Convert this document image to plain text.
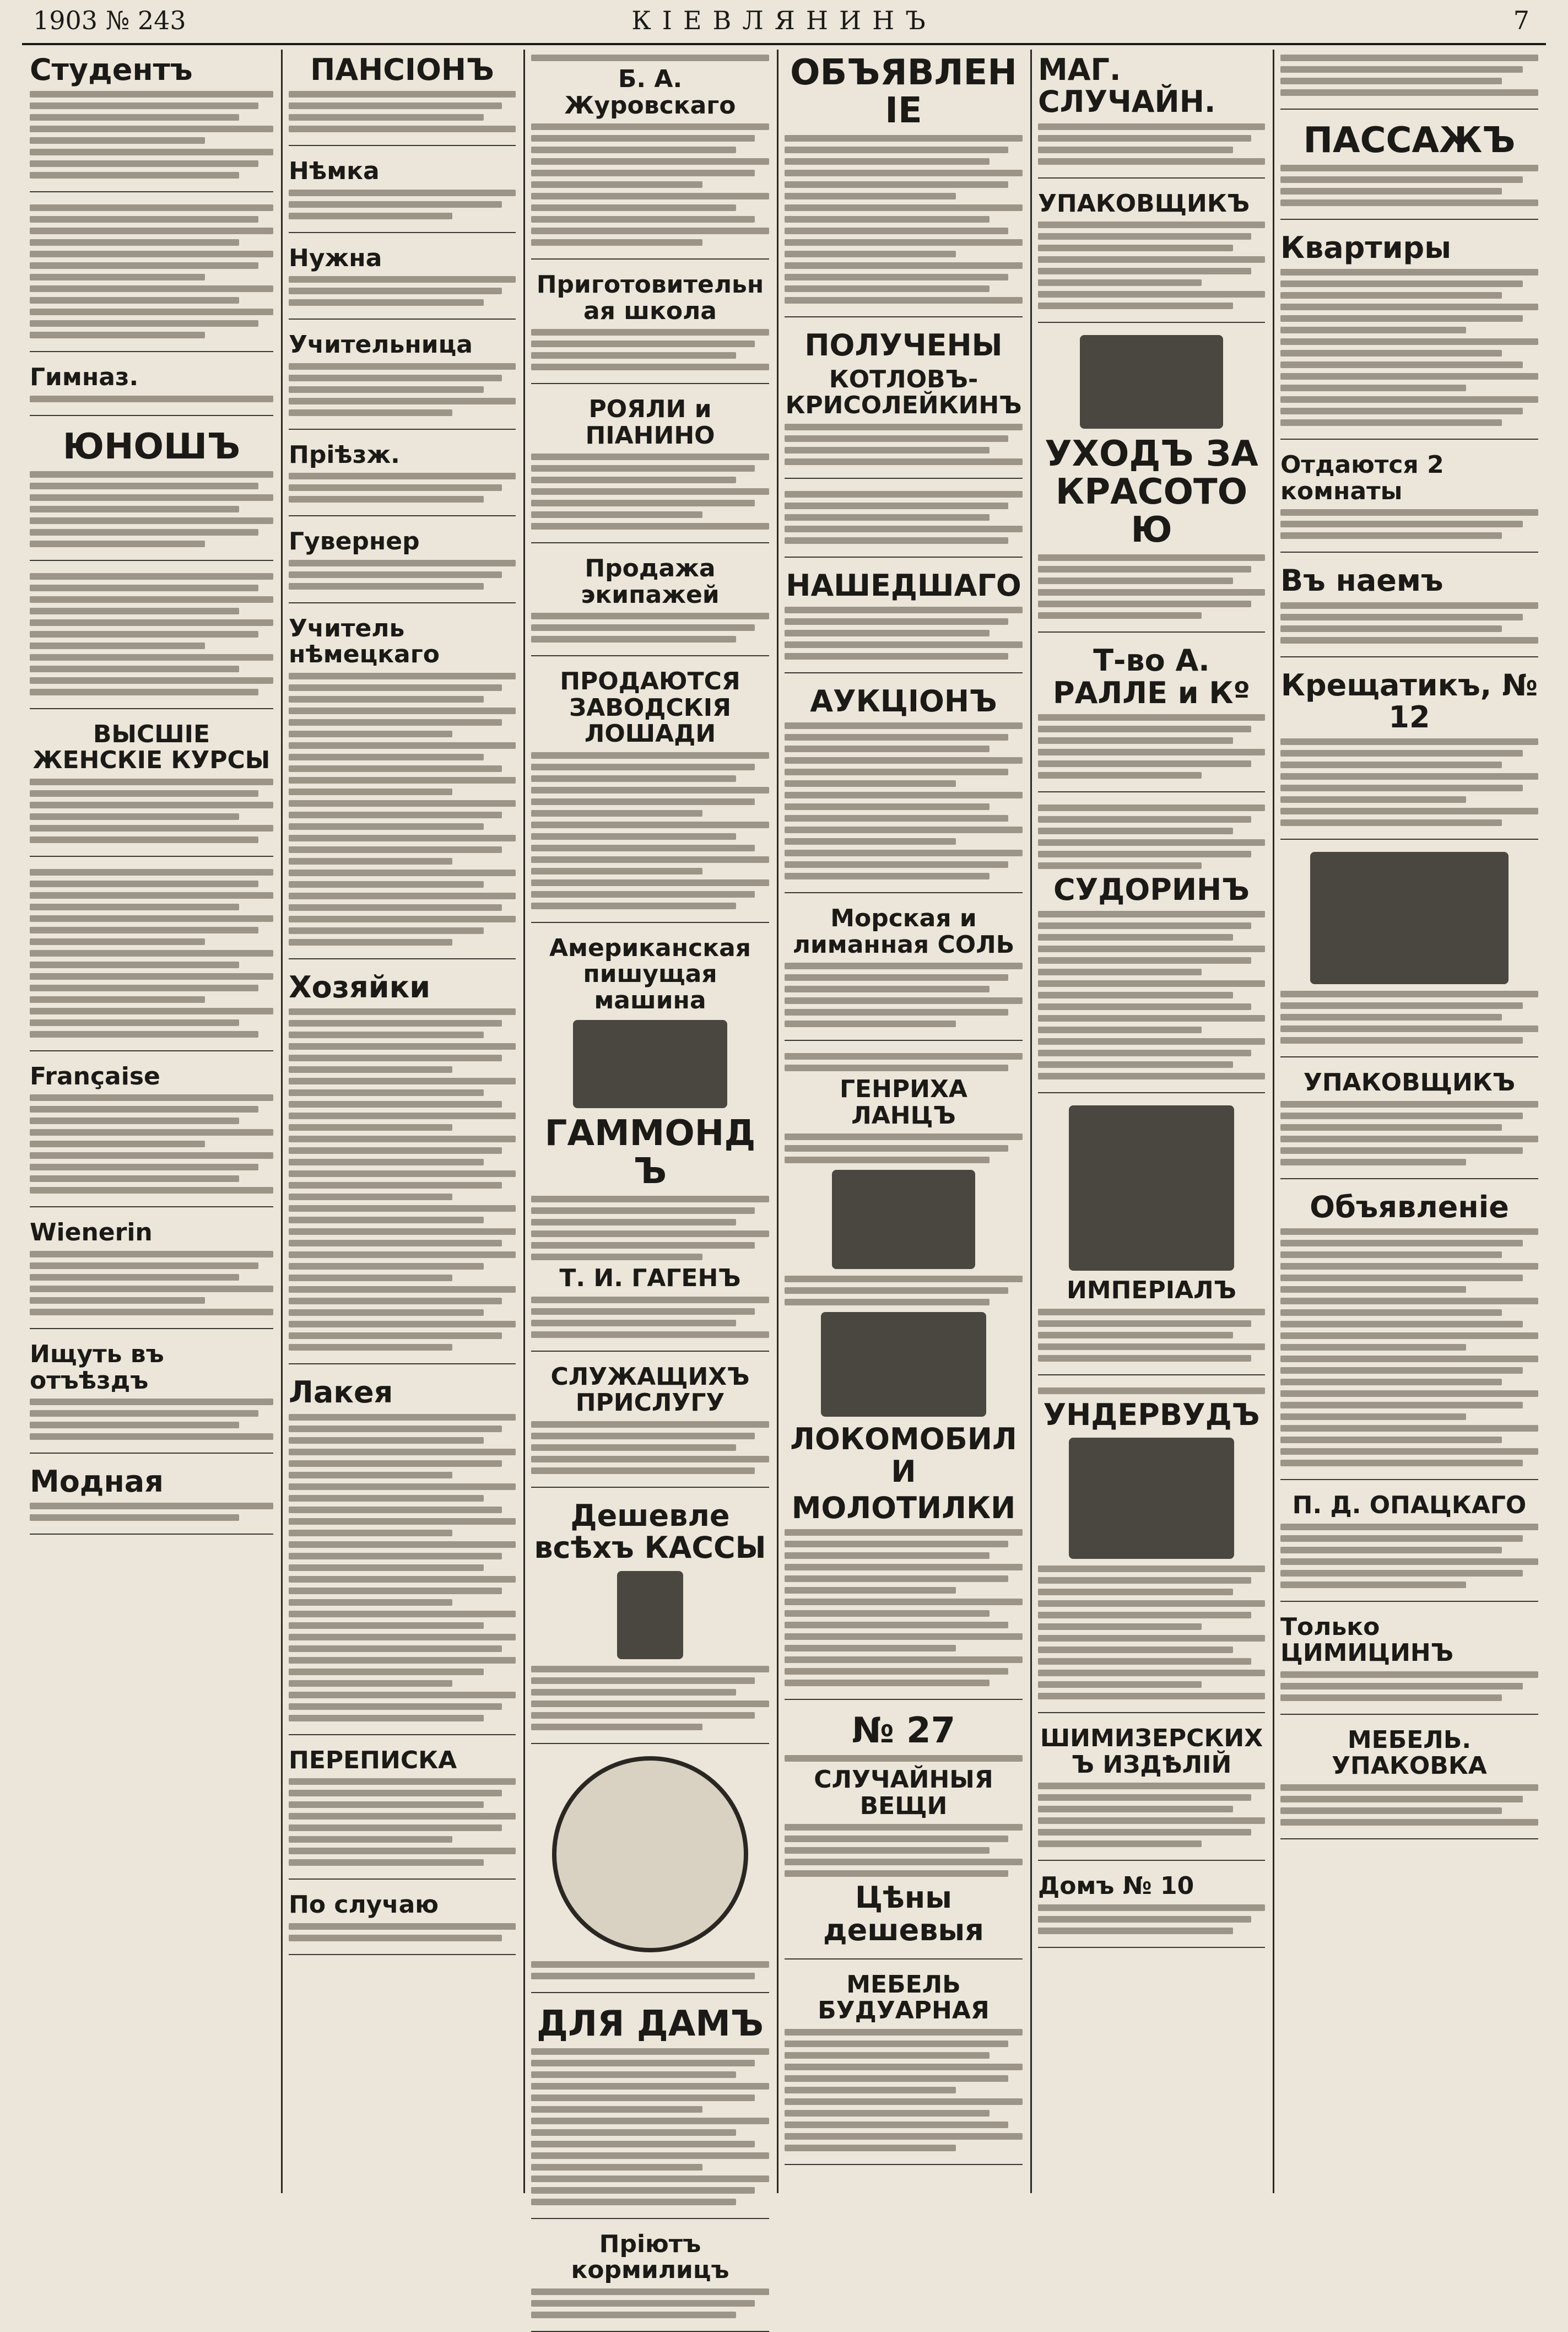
1903 № 243	КІЕВЛЯНИНЪ	7
Студентъ
Гимназ.
ЮНОШЪ
ВЫСШІЕ ЖЕНСКІЕ КУРСЫ
Française
Wienerin
Ищуть въ отъѣздъ
Модная
ПАНСІОНЪ
Нѣмка
Нужна
Учительница
Пріѣзж.
Гувернер
Учитель нѣмецкаго
Хозяйки
Лакея
ПЕРЕПИСКА
По случаю
Б. А. Журовскаго
Приготовительная школа
РОЯЛИ и ПІАНИНО
Продажа экипажей
ПРОДАЮТСЯ ЗАВОДСКІЯ ЛОШАДИ
Американская пишущая машина
ГАММОНДЪ
Т. И. ГАГЕНЪ
СЛУЖАЩИХЪ ПРИСЛУГУ
Дешевле всѣхъ КАССЫ
ДЛЯ ДАМЪ
Пріютъ кормилицъ
ОБЪЯВЛЕНІЕ
ПОЛУЧЕНЫ
КОТЛОВЪ-КРИСОЛЕЙКИНЪ
НАШЕДШАГО
АУКЦІОНЪ
Морская и лиманная СОЛЬ
ГЕНРИХА ЛАНЦЪ
ЛОКОМОБИЛИ
МОЛОТИЛКИ
№ 27
СЛУЧАЙНЫЯ ВЕЩИ
Цѣны дешевыя
МЕБЕЛЬ БУДУАРНАЯ
МАГ. СЛУЧАЙН.
УПАКОВЩИКЪ
УХОДЪ ЗА КРАСОТОЮ
Т-во А. РАЛЛЕ и Кº
СУДОРИНЪ
ИМПЕРІАЛЪ
УНДЕРВУДЪ
ШИМИЗЕРСКИХЪ ИЗДѢЛІЙ
Домъ № 10
ПАССАЖЪ
Квартиры
Отдаются 2 комнаты
Въ наемъ
Крещатикъ, № 12
УПАКОВЩИКЪ
Объявленіе
П. Д. ОПАЦКАГО
Только ЦИМИЦИНЪ
МЕБЕЛЬ. УПАКОВКА
